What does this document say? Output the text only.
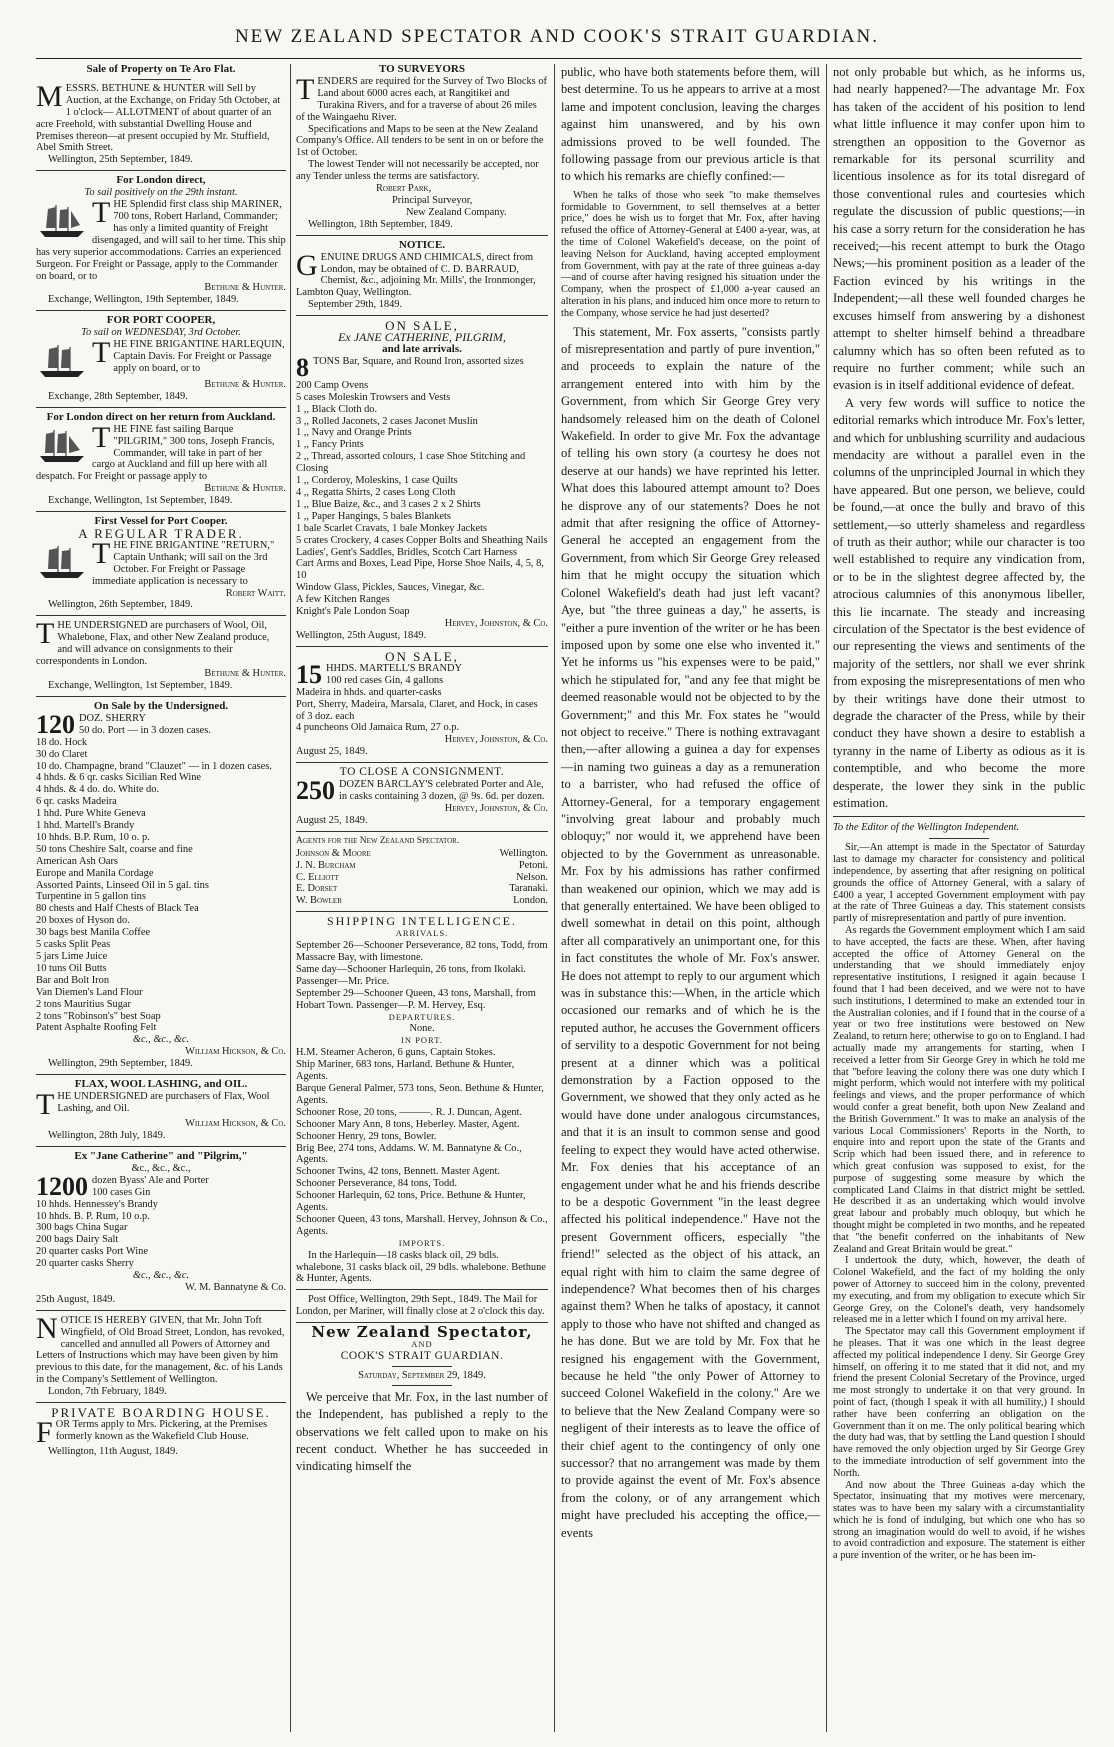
NEW ZEALAND SPECTATOR AND COOK'S STRAIT GUARDIAN.

Sale of Property on Te Aro Flat.

MESSRS. BETHUNE & HUNTER will Sell by Auction, at the Exchange, on Friday 5th October, at 1 o'clock— ALLOTMENT of about quarter of an acre Freehold, with substantial Dwelling House and Premises thereon—at present occupied by Mr. Stuffield, Abel Smith Street.

Wellington, 25th September, 1849.

For London direct,

To sail positively on the 29th instant.

THE Splendid first class ship MARINER, 700 tons, Robert Harland, Commander; has only a limited quantity of Freight disengaged, and will sail to her time. This ship has very superior accommodations. Carries an experienced Surgeon. For Freight or Passage, apply to the Commander on board, or to

Bethune & Hunter.

Exchange, Wellington, 19th September, 1849.

FOR PORT COOPER,

To sail on WEDNESDAY, 3rd October.

THE FINE BRIGANTINE HARLEQUIN, Captain Davis. For Freight or Passage apply on board, or to

Bethune & Hunter.

Exchange, 28th September, 1849.

For London direct on her return from Auckland.

THE FINE fast sailing Barque "PILGRIM," 300 tons, Joseph Francis, Commander, will take in part of her cargo at Auckland and fill up here with all despatch. For Freight or passage apply to

Bethune & Hunter.

Exchange, Wellington, 1st September, 1849.

First Vessel for Port Cooper.

A REGULAR TRADER.

THE FINE BRIGANTINE "RETURN," Captain Unthank; will sail on the 3rd October. For Freight or Passage immediate application is necessary to

Robert Waitt.

Wellington, 26th September, 1849.

THE UNDERSIGNED are purchasers of Wool, Oil, Whalebone, Flax, and other New Zealand produce, and will advance on consignments to their correspondents in London.

Bethune & Hunter.

Exchange, Wellington, 1st September, 1849.

On Sale by the Undersigned.

120 DOZ. SHERRY

50 do. Port — in 3 dozen cases.

18 do. Hock

30 do Claret

10 do. Champagne, brand "Clauzet" — in 1 dozen cases.

4 hhds. & 6 qr. casks Sicilian Red Wine

4 hhds. & 4 do. do. White do.

6 qr. casks Madeira

1 hhd. Pure White Geneva

1 hhd. Martell's Brandy

10 hhds. B.P. Rum, 10 o. p.

50 tons Cheshire Salt, coarse and fine

American Ash Oars

Europe and Manila Cordage

Assorted Paints, Linseed Oil in 5 gal. tins

Turpentine in 5 gallon tins

80 chests and Half Chests of Black Tea

20 boxes of Hyson do.

30 bags best Manila Coffee

5 casks Split Peas

5 jars Lime Juice

10 tuns Oil Butts

Bar and Bolt Iron

Van Diemen's Land Flour

2 tons Mauritius Sugar

2 tons "Robinson's" best Soap

Patent Asphalte Roofing Felt

&c., &c., &c.

William Hickson, & Co.

Wellington, 29th September, 1849.

FLAX, WOOL LASHING, and OIL.

THE UNDERSIGNED are purchasers of Flax, Wool Lashing, and Oil.

William Hickson, & Co.

Wellington, 28th July, 1849.

Ex "Jane Catherine" and "Pilgrim,"

&c., &c., &c.,

1200 dozen Byass' Ale and Porter

100 cases Gin

10 hhds. Hennessey's Brandy

10 hhds. B. P. Rum, 10 o.p.

300 bags China Sugar

200 bags Dairy Salt

20 quarter casks Port Wine

20 quarter casks Sherry

&c., &c., &c.

W. M. Bannatyne & Co.

25th August, 1849.

NOTICE IS HEREBY GIVEN, that Mr. John Toft Wingfield, of Old Broad Street, London, has revoked, cancelled and annulled all Powers of Attorney and Letters of Instructions which may have been given by him previous to this date, for the management, &c. of his Lands in the Company's Settlement of Wellington.

London, 7th February, 1849.

PRIVATE BOARDING HOUSE.

FOR Terms apply to Mrs. Pickering, at the Premises formerly known as the Wakefield Club House.

Wellington, 11th August, 1849.

TO SURVEYORS

TENDERS are required for the Survey of Two Blocks of Land about 6000 acres each, at Rangitikei and Turakina Rivers, and for a traverse of about 26 miles of the Waingaehu River.

Specifications and Maps to be seen at the New Zealand Company's Office. All tenders to be sent in on or before the 1st of October.

The lowest Tender will not necessarily be accepted, nor any Tender unless the terms are satisfactory.

Robert Park,

Principal Surveyor,

New Zealand Company.

Wellington, 18th September, 1849.

NOTICE.

GENUINE DRUGS AND CHIMICALS, direct from London, may be obtained of C. D. BARRAUD, Chemist, &c., adjoining Mr. Mills', the Ironmonger, Lambton Quay, Wellington.

September 29th, 1849.

ON SALE,

Ex JANE CATHERINE, PILGRIM,

and late arrivals.

8 TONS Bar, Square, and Round Iron, assorted sizes

200 Camp Ovens

5 cases Moleskin Trowsers and Vests

1 ,, Black Cloth do.

3 ,, Rolled Jaconets, 2 cases Jaconet Muslin

1 ,, Navy and Orange Prints

1 ,, Fancy Prints

2 ,, Thread, assorted colours, 1 case Shoe Stitching and Closing

1 ,, Corderoy, Moleskins, 1 case Quilts

4 ,, Regatta Shirts, 2 cases Long Cloth

1 ,, Blue Baize, &c., and 3 cases 2 x 2 Shirts

1 ,, Paper Hangings, 5 bales Blankets

1 bale Scarlet Cravats, 1 bale Monkey Jackets

5 crates Crockery, 4 cases Copper Bolts and Sheathing Nails

Ladies', Gent's Saddles, Bridles, Scotch Cart Harness

Cart Arms and Boxes, Lead Pipe, Horse Shoe Nails, 4, 5, 8, 10

Window Glass, Pickles, Sauces, Vinegar, &c.

A few Kitchen Ranges

Knight's Pale London Soap

Hervey, Johnston, & Co.

Wellington, 25th August, 1849.

ON SALE,

15 HHDS. MARTELL'S BRANDY

100 red cases Gin, 4 gallons

Madeira in hhds. and quarter-casks

Port, Sherry, Madeira, Marsala, Claret, and Hock, in cases of 3 doz. each

4 puncheons Old Jamaica Rum, 27 o.p.

Hervey, Johnston, & Co.

August 25, 1849.

TO CLOSE A CONSIGNMENT.

250 DOZEN BARCLAY'S celebrated Porter and Ale, in casks containing 3 dozen, @ 9s. 6d. per dozen.

Hervey, Johnston, & Co.

August 25, 1849.

Agents for the New Zealand Spectator.

Johnson & Moore	Wellington.
J. N. Burcham	Petoni.
C. Elliott	Nelson.
E. Dorset	Taranaki.
W. Bowler	London.

SHIPPING INTELLIGENCE.

ARRIVALS.

September 26—Schooner Perseverance, 82 tons, Todd, from Massacre Bay, with limestone.

Same day—Schooner Harlequin, 26 tons, from Ikolaki. Passenger—Mr. Price.

September 29—Schooner Queen, 43 tons, Marshall, from Hobart Town. Passenger—P. M. Hervey, Esq.

DEPARTURES.

None.

IN PORT.

H.M. Steamer Acheron, 6 guns, Captain Stokes.

Ship Mariner, 683 tons, Harland. Bethune & Hunter, Agents.

Barque General Palmer, 573 tons, Seon. Bethune & Hunter, Agents.

Schooner Rose, 20 tons, ———. R. J. Duncan, Agent.

Schooner Mary Ann, 8 tons, Heberley. Master, Agent.

Schooner Henry, 29 tons, Bowler.

Brig Bee, 274 tons, Addams. W. M. Bannatyne & Co., Agents.

Schooner Twins, 42 tons, Bennett. Master Agent.

Schooner Perseverance, 84 tons, Todd.

Schooner Harlequin, 62 tons, Price. Bethune & Hunter, Agents.

Schooner Queen, 43 tons, Marshall. Hervey, Johnson & Co., Agents.

IMPORTS.

In the Harlequin—18 casks black oil, 29 bdls. whalebone, 31 casks black oil, 29 bdls. whalebone. Bethune & Hunter, Agents.

Post Office, Wellington, 29th Sept., 1849. The Mail for London, per Mariner, will finally close at 2 o'clock this day.

New Zealand Spectator,

AND

COOK'S STRAIT GUARDIAN.

Saturday, September 29, 1849.

We perceive that Mr. Fox, in the last number of the Independent, has published a reply to the observations we felt called upon to make on his recent conduct. Whether he has succeeded in vindicating himself the

public, who have both statements before them, will best determine. To us he appears to arrive at a most lame and impotent conclusion, leaving the charges against him unanswered, and by his own admissions proved to be well founded. The following passage from our previous article is that to which his remarks are chiefly confined:—

When he talks of those who seek "to make themselves formidable to Government, to sell themselves at a better price," does he wish us to forget that Mr. Fox, after having refused the office of Attorney-General at £400 a-year, was, at the time of Colonel Wakefield's decease, on the point of leaving Nelson for Auckland, having accepted employment from Government, with pay at the rate of three guineas a-day—and of course after having resigned his situation under the Company, when the prospect of £1,000 a-year caused an alteration in his plans, and induced him once more to return to the Company, whose service he had just deserted?

This statement, Mr. Fox asserts, "consists partly of misrepresentation and partly of pure invention," and proceeds to explain the nature of the arrangement entered into with him by the Government, from which Sir George Grey very handsomely released him on the death of Colonel Wakefield. In order to give Mr. Fox the advantage of telling his own story (a courtesy he does not deserve at our hands) we have reprinted his letter. What does this laboured attempt amount to? Does he disprove any of our statements? Does he not admit that after resigning the office of Attorney-General he accepted an engagement from the Government, from which Sir George Grey released him that he might occupy the situation which Colonel Wakefield's death had just left vacant? Aye, but "the three guineas a day," he asserts, is "either a pure invention of the writer or he has been imposed upon by some one else who invented it." Yet he informs us "his expenses were to be paid," which he stipulated for, "and any fee that might be deemed reasonable would not be objected to by the Government;" and this Mr. Fox states he "would not object to receive." There is nothing extravagant then,—after allowing a guinea a day for expenses—in naming two guineas a day as a remuneration to a barrister, who had refused the office of Attorney-General, for a temporary engagement "involving great labour and probably much obloquy;" nor would it, we apprehend have been objected to by the Government as unreasonable. Mr. Fox by his admissions has rather confirmed than weakened our opinion, which we may add is that generally entertained. We have been obliged to dwell somewhat in detail on this point, although after all comparatively an unimportant one, for this in fact constitutes the whole of Mr. Fox's answer. He does not attempt to reply to our argument which was in substance this:—When, in the article which occasioned our remarks and of which he is the reputed author, he accuses the Government officers of servility to a despotic Government for not being present at a dinner which was a political demonstration by a Faction opposed to the Government, we showed that they only acted as he would have done under analogous circumstances, and that it is an insult to common sense and good feeling to expect they would have acted otherwise. Mr. Fox denies that his acceptance of an engagement under what he and his friends describe to be a despotic Government "in the least degree affected his political independence." Have not the present Government officers, especially "the friend!" selected as the object of his attack, an equal right with him to claim the same degree of independence? What becomes then of his charges against them? When he talks of apostacy, it cannot apply to those who have not shifted and changed as he has done. But we are told by Mr. Fox that he resigned his engagement with the Government, because he held "the only Power of Attorney to succeed Colonel Wakefield in the colony." Are we to believe that the New Zealand Company were so negligent of their interests as to leave the office of their chief agent to the contingency of only one successor? that no arrangement was made by them to provide against the event of Mr. Fox's absence from the colony, or of any arrangement which might have precluded his accepting the office,—events

not only probable but which, as he informs us, had nearly happened?—The advantage Mr. Fox has taken of the accident of his position to lend what little influence it may confer upon him to strengthen an opposition to the Governor as remarkable for its personal scurrility and licentious insolence as for its total disregard of those conventional rules and courtesies which regulate the discussion of public questions;—in his case a sorry return for the consideration he has received;—his recent attempt to burk the Otago News;—his prominent position as a leader of the Faction evinced by his writings in the Independent;—all these well founded charges he excuses himself from answering by a dishonest attempt to shelter himself behind a threadbare calumny which has so often been refuted as to require no further comment; while such an evasion is in itself additional evidence of defeat.

A very few words will suffice to notice the editorial remarks which introduce Mr. Fox's letter, and which for unblushing scurrility and audacious mendacity are without a parallel even in the columns of the unprincipled Journal in which they have appeared. But one person, we believe, could be found,—at once the bully and bravo of this settlement,—so utterly shameless and regardless of truth as their author; while our character is too well established to require any vindication from, or to be in the slightest degree affected by, the atrocious calumnies of this anonymous libeller, this lie incarnate. The steady and increasing circulation of the Spectator is the best evidence of our representing the views and sentiments of the majority of the settlers, nor shall we ever shrink from exposing the misrepresentations of men who by their writings have done their utmost to degrade the character of the Press, while by their conduct they have shown a desire to establish a tyranny in the name of Liberty as odious as it is contemptible, and who become the more desperate, the lower they sink in the public estimation.

To the Editor of the Wellington Independent.

Sir,—An attempt is made in the Spectator of Saturday last to damage my character for consistency and political independence, by asserting that after resigning on political grounds the office of Attorney General, with a salary of £400 a year, I accepted Government employment with pay at the rate of Three Guineas a day. This statement consists partly of misrepresentation and partly of pure invention.

As regards the Government employment which I am said to have accepted, the facts are these. When, after having accepted the office of Attorney General on the understanding that we should immediately enjoy representative institutions, I resigned it again because I found that I had been deceived, and we were not to have such institutions, I determined to make an extended tour in the Australian colonies, and if I found that in the course of a year or two free institutions were bestowed on New Zealand, to return here; otherwise to go on to England. I had actually made my arrangements for starting, when I received a letter from Sir George Grey in which he told me that "before leaving the colony there was one duty which I might perform, which would not interfere with my political feelings and views, and the proper performance of which would confer a great benefit, both upon New Zealand and the British Government." It was to make an analysis of the various Local Commissioners' Reports in the North, to enquire into and report upon the state of the Grants and Scrip which had been issued there, and in reference to which great confusion was supposed to exist, for the purpose of suggesting some measure by which the complicated Land Claims in that district might be settled. He described it as an undertaking which would involve great labour and probably much obloquy, but which he thought might be completed in two months, and he repeated that "the benefit conferred on the inhabitants of New Zealand and Great Britain would be great."

I undertook the duty, which, however, the death of Colonel Wakefield, and the fact of my holding the only power of Attorney to succeed him in the colony, prevented my executing, and from my obligation to execute which Sir George Grey, on the Colonel's death, very handsomely released me in a letter which I found on my arrival here.

The Spectator may call this Government employment if he pleases. That it was one which in the least degree affected my political independence I deny. Sir George Grey himself, on offering it to me stated that it did not, and my friend the present Colonial Secretary of the Province, urged me most strongly to undertake it on that very ground. In point of fact, (though I speak it with all humility,) I should rather have been conferring an obligation on the Government than it on me. The only political bearing which the duty had was, that by settling the Land question I should have removed the only objection urged by Sir George Grey to the immediate introduction of self government into the North.

And now about the Three Guineas a-day which the Spectator, insinuating that my motives were mercenary, states was to have been my salary with a circumstantiality which he is fond of indulging, but which one who has so strong an imagination would do well to avoid, if he wishes to avoid contradiction and exposure. The statement is either a pure invention of the writer, or he has been im-
